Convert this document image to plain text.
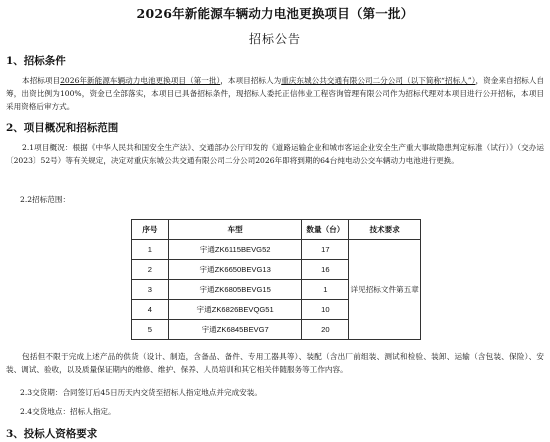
2026年新能源车辆动力电池更换项目（第一批）
招标公告
1、招标条件
本招标项目2026年新能源车辆动力电池更换项目（第一批），本项目招标人为重庆东城公共交通有限公司二分公司（以下简称“招标人”），资金来自招标人自筹，出资比例为100%，资金已全部落实，本项目已具备招标条件，现招标人委托正信伟业工程咨询管理有限公司作为招标代理对本项目进行公开招标，本项目采用资格后审方式。
2、项目概况和招标范围
2.1项目概况：根据《中华人民共和国安全生产法》、交通部办公厅印发的《道路运输企业和城市客运企业安全生产重大事故隐患判定标准（试行）》（交办运〔2023〕52号）等有关规定，决定对重庆东城公共交通有限公司二分公司2026年即将到期的64台纯电动公交车辆动力电池进行更换。
2.2招标范围：
序号	车型	数量（台）	技术要求
1	宇通ZK6115BEVG52	17	详见招标文件第五章
2	宇通ZK6650BEVG13	16	
3	宇通ZK6805BEVG15	1	
4	宇通ZK6826BEVQG51	10	
5	宇通ZK6845BEVG7	20	
包括但不限于完成上述产品的供货（设计、制造，含备品、备件、专用工器具等）、装配（含出厂前组装、测试和检验、装卸、运输（含包装、保险）、安装、调试、验收，以及质量保证期内的维修、维护、保养、人员培训和其它相关伴随服务等工作内容。
2.3交货期：合同签订后45日历天内交货至招标人指定地点并完成安装。
2.4交货地点：招标人指定。
3、投标人资格要求
